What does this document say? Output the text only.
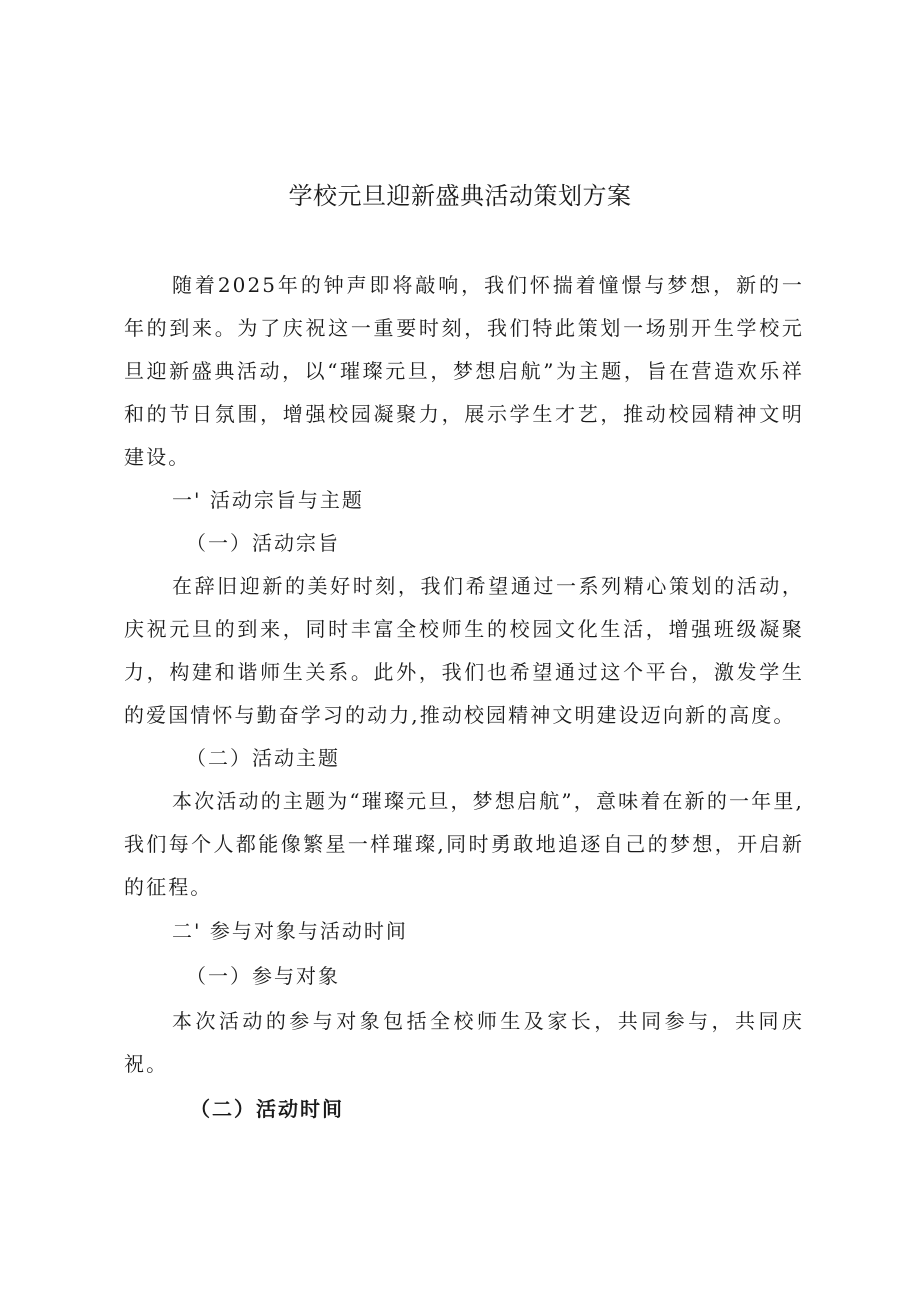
学校元旦迎新盛典活动策划方案

随着2025年的钟声即将敲响，我们怀揣着憧憬与梦想，新的一年的到来。为了庆祝这一重要时刻，我们特此策划一场别开生学校元旦迎新盛典活动，以“璀璨元旦，梦想启航”为主题，旨在营造欢乐祥和的节日氛围，增强校园凝聚力，展示学生才艺，推动校园精神文明建设。

一' 活动宗旨与主题

（一）活动宗旨

在辞旧迎新的美好时刻，我们希望通过一系列精心策划的活动，庆祝元旦的到来，同时丰富全校师生的校园文化生活，增强班级凝聚力，构建和谐师生关系。此外，我们也希望通过这个平台，激发学生的爱国情怀与勤奋学习的动力,推动校园精神文明建设迈向新的高度。

（二）活动主题

本次活动的主题为“璀璨元旦，梦想启航”，意味着在新的一年里,我们每个人都能像繁星一样璀璨,同时勇敢地追逐自己的梦想，开启新的征程。

二' 参与对象与活动时间

（一）参与对象

本次活动的参与对象包括全校师生及家长，共同参与，共同庆祝。

（二）活动时间
